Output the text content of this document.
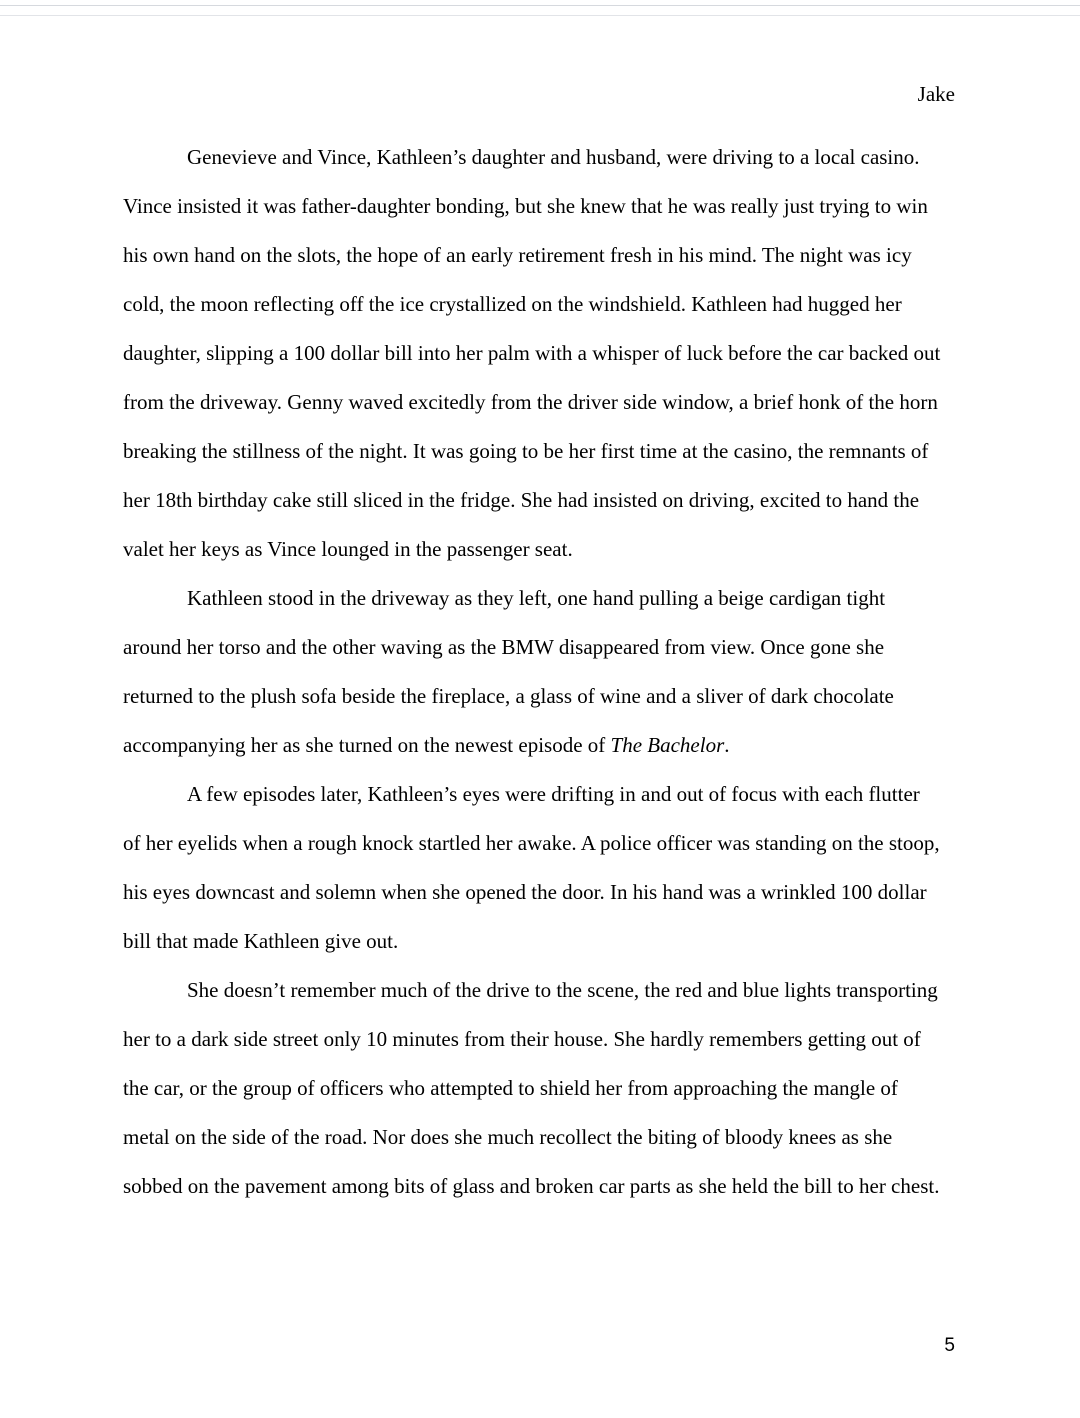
Jake

Genevieve and Vince, Kathleen’s daughter and husband, were driving to a local casino.
Vince insisted it was father-daughter bonding, but she knew that he was really just trying to win
his own hand on the slots, the hope of an early retirement fresh in his mind. The night was icy
cold, the moon reflecting off the ice crystallized on the windshield. Kathleen had hugged her
daughter, slipping a 100 dollar bill into her palm with a whisper of luck before the car backed out
from the driveway. Genny waved excitedly from the driver side window, a brief honk of the horn
breaking the stillness of the night. It was going to be her first time at the casino, the remnants of
her 18th birthday cake still sliced in the fridge. She had insisted on driving, excited to hand the
valet her keys as Vince lounged in the passenger seat.

Kathleen stood in the driveway as they left, one hand pulling a beige cardigan tight
around her torso and the other waving as the BMW disappeared from view. Once gone she
returned to the plush sofa beside the fireplace, a glass of wine and a sliver of dark chocolate
accompanying her as she turned on the newest episode of The Bachelor.

A few episodes later, Kathleen’s eyes were drifting in and out of focus with each flutter
of her eyelids when a rough knock startled her awake. A police officer was standing on the stoop,
his eyes downcast and solemn when she opened the door. In his hand was a wrinkled 100 dollar
bill that made Kathleen give out.

She doesn’t remember much of the drive to the scene, the red and blue lights transporting
her to a dark side street only 10 minutes from their house. She hardly remembers getting out of
the car, or the group of officers who attempted to shield her from approaching the mangle of
metal on the side of the road. Nor does she much recollect the biting of bloody knees as she
sobbed on the pavement among bits of glass and broken car parts as she held the bill to her chest.

5
